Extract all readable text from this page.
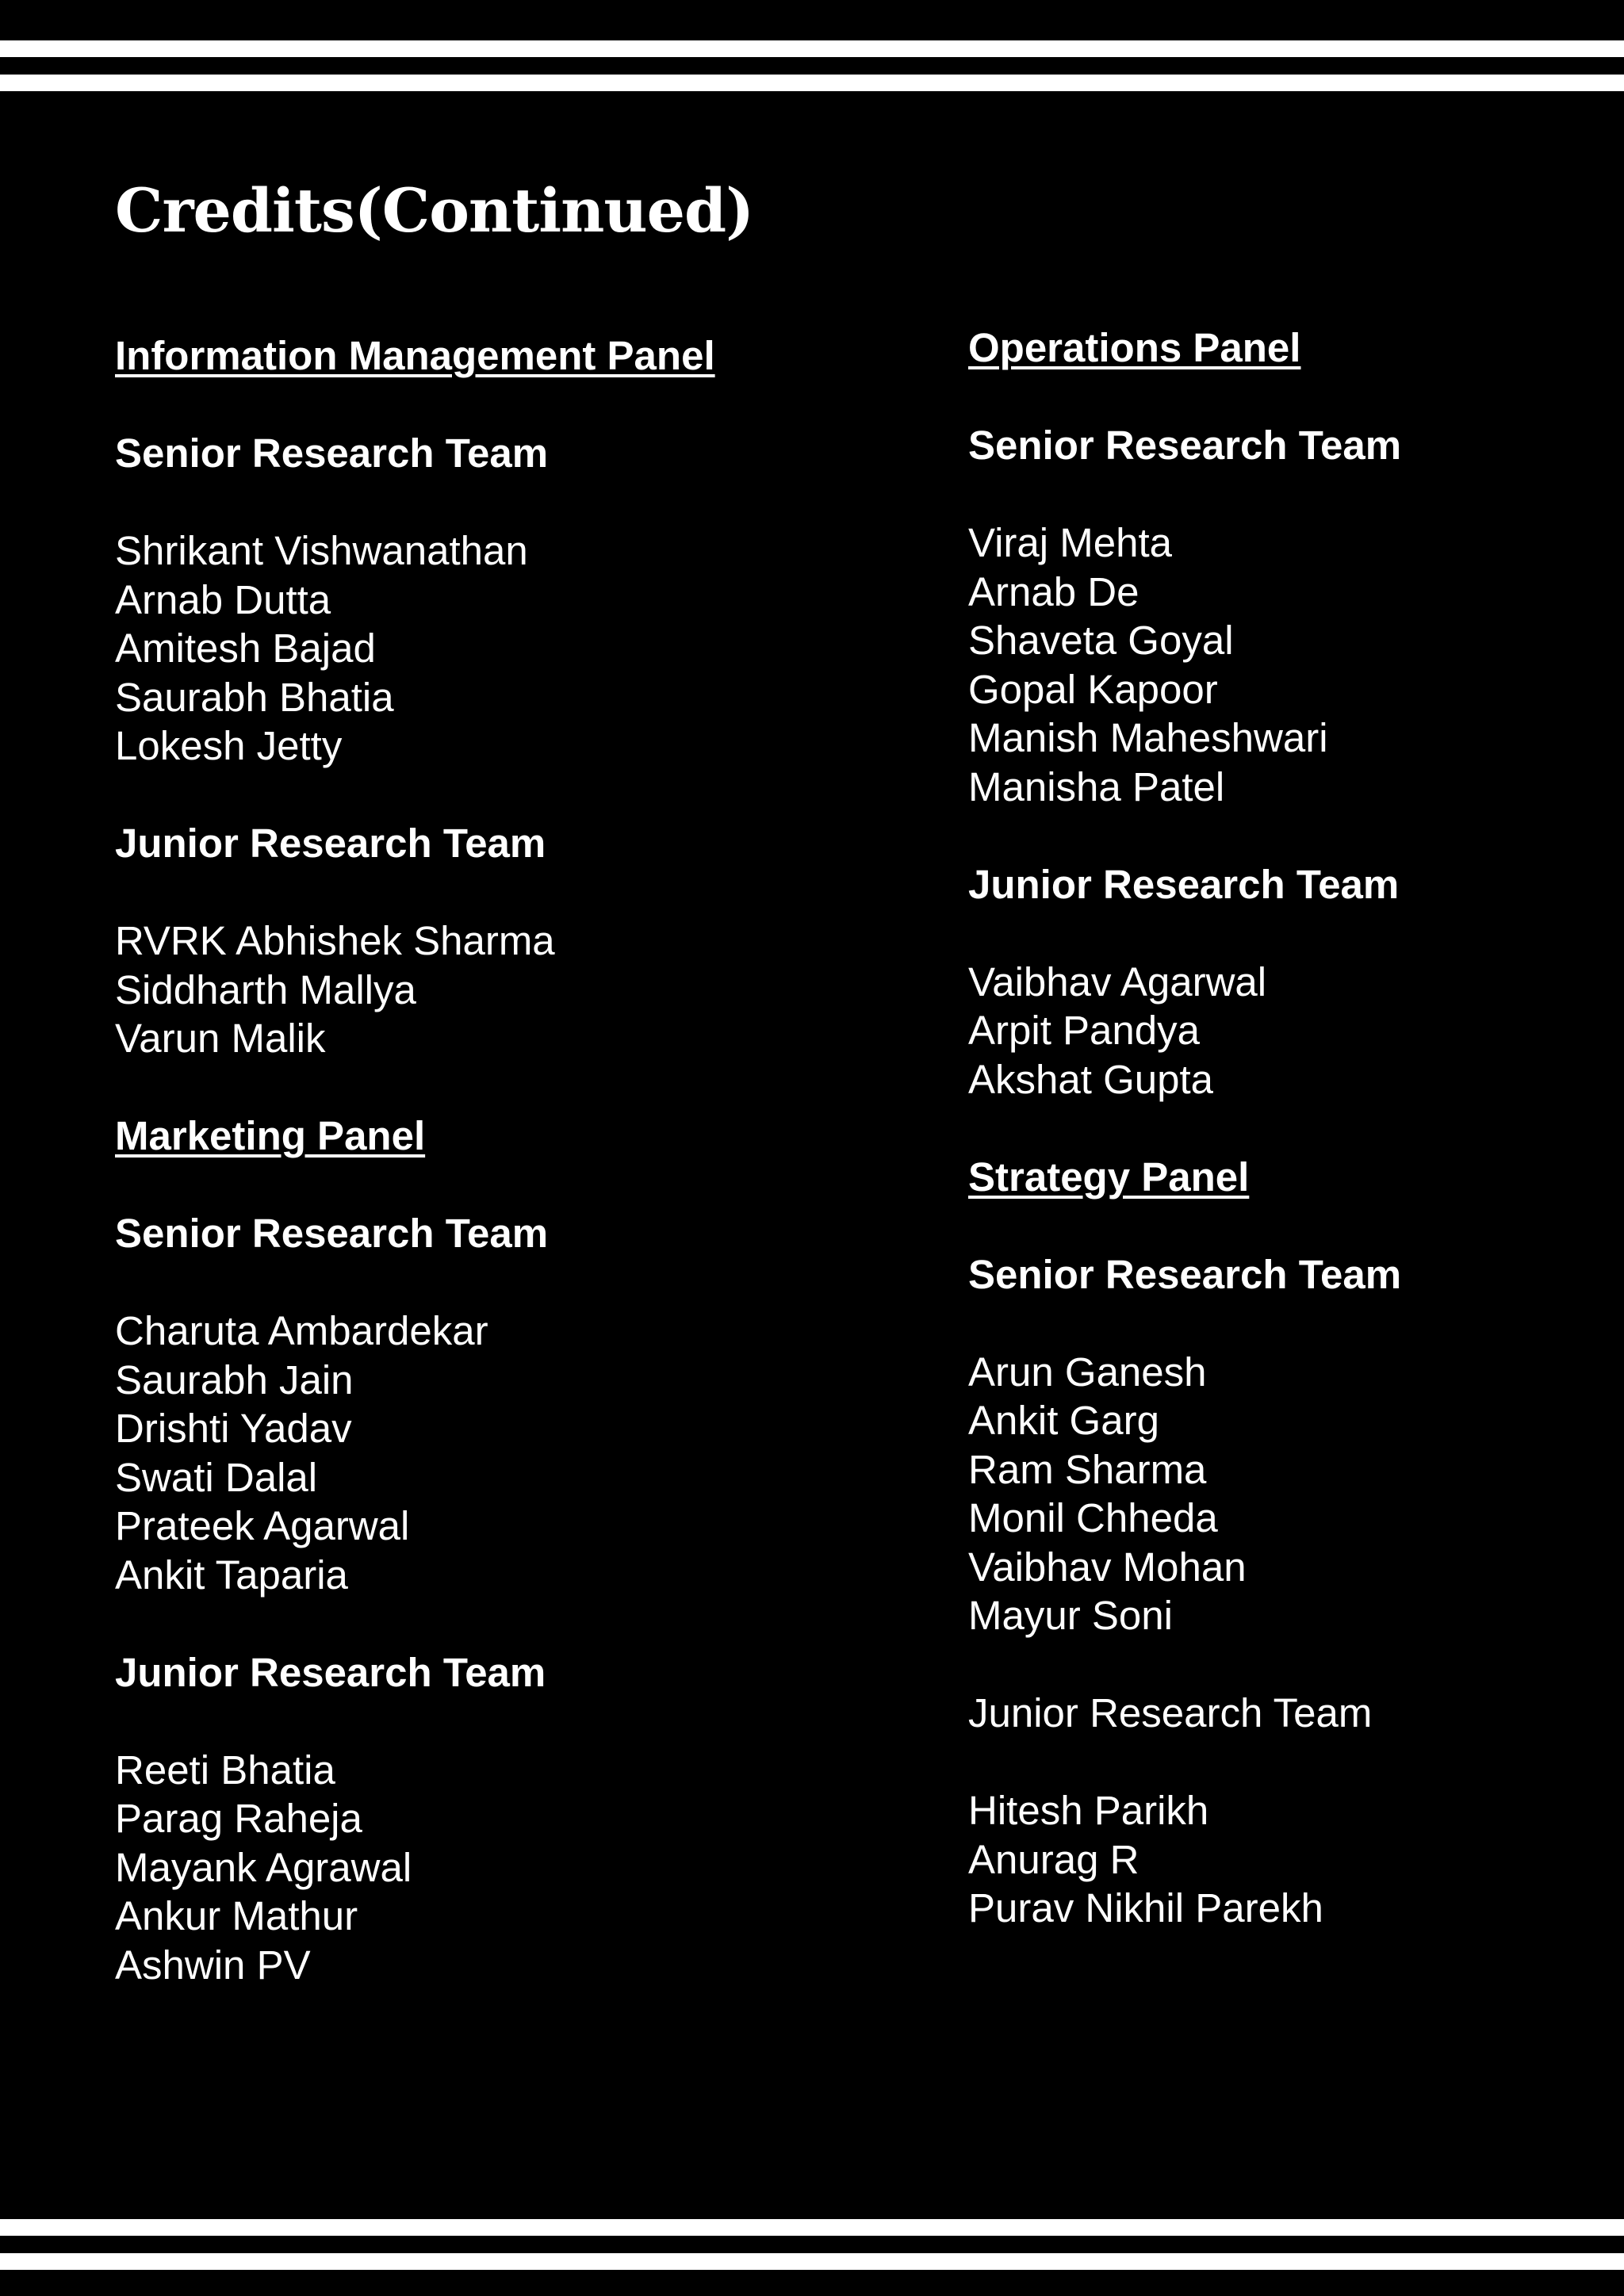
Credits(Continued)
Information Management Panel
Senior Research Team
Shrikant Vishwanathan
Arnab Dutta
Amitesh Bajad
Saurabh Bhatia
Lokesh Jetty
Junior Research Team
RVRK Abhishek Sharma
Siddharth Mallya
Varun Malik
Marketing Panel
Senior Research Team
Charuta Ambardekar
Saurabh Jain
Drishti Yadav
Swati Dalal
Prateek Agarwal
Ankit Taparia
Junior Research Team
Reeti Bhatia
Parag Raheja
Mayank Agrawal
Ankur Mathur
Ashwin PV
Operations Panel
Senior Research Team
Viraj Mehta
Arnab De
Shaveta Goyal
Gopal Kapoor
Manish Maheshwari
Manisha Patel
Junior Research Team
Vaibhav Agarwal
Arpit Pandya
Akshat Gupta
Strategy Panel
Senior Research Team
Arun Ganesh
Ankit Garg
Ram Sharma
Monil Chheda
Vaibhav Mohan
Mayur Soni
Junior Research Team
Hitesh Parikh
Anurag R
Purav Nikhil Parekh
